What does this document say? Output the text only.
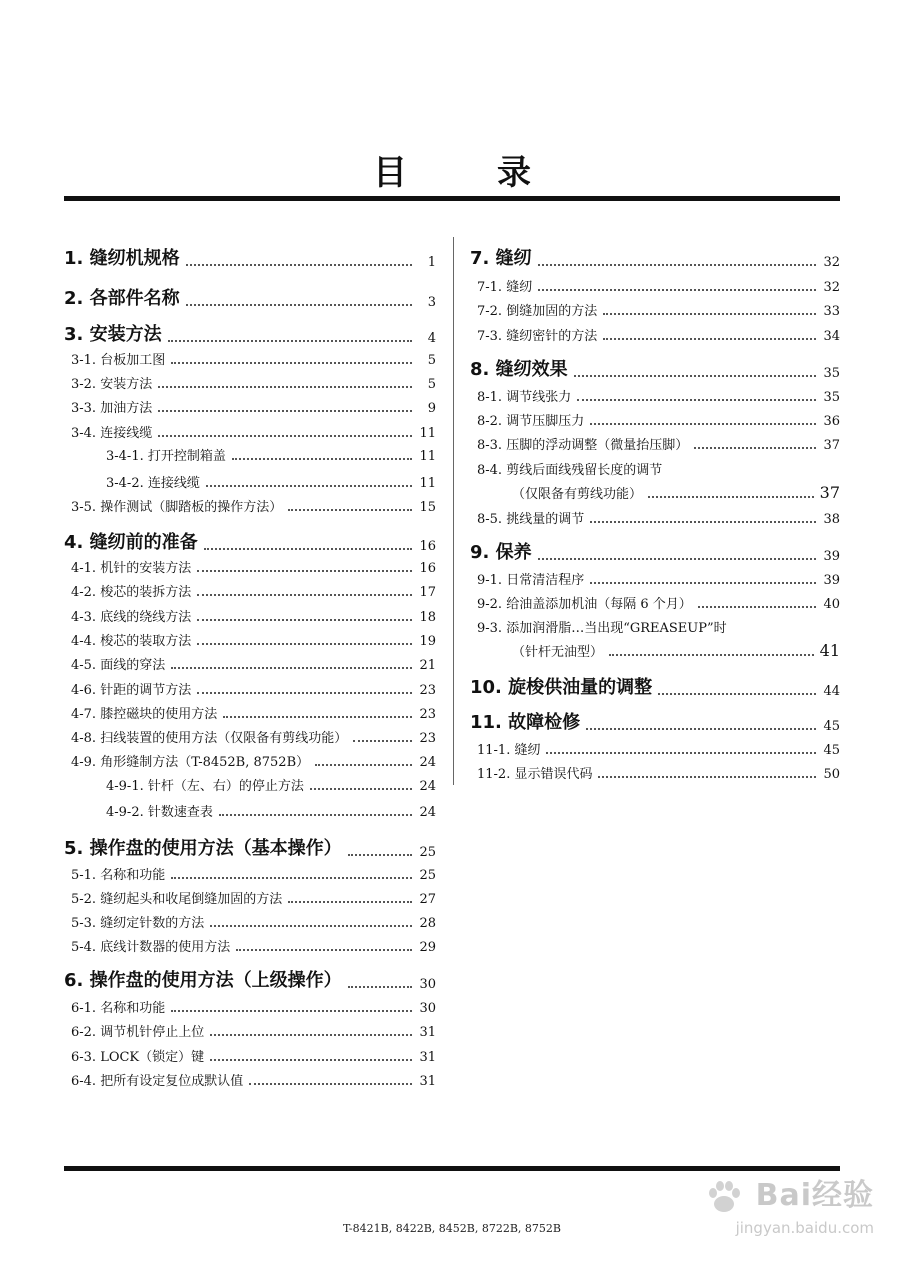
目	录
1. 缝纫机规格	1
2. 各部件名称	3
3. 安装方法	4
3-1. 台板加工图	5
3-2. 安装方法	5
3-3. 加油方法	9
3-4. 连接线缆	11
3-4-1. 打开控制箱盖	11
3-4-2. 连接线缆	11
3-5. 操作测试（脚踏板的操作方法）	15
4. 缝纫前的准备	16
4-1. 机针的安装方法	16
4-2. 梭芯的装拆方法	17
4-3. 底线的绕线方法	18
4-4. 梭芯的装取方法	19
4-5. 面线的穿法	21
4-6. 针距的调节方法	23
4-7. 膝控磁块的使用方法	23
4-8. 扫线装置的使用方法（仅限备有剪线功能）	23
4-9. 角形缝制方法（T-8452B, 8752B）	24
4-9-1. 针杆（左、右）的停止方法	24
4-9-2. 针数速查表	24
5. 操作盘的使用方法（基本操作）	25
5-1. 名称和功能	25
5-2. 缝纫起头和收尾倒缝加固的方法	27
5-3. 缝纫定针数的方法	28
5-4. 底线计数器的使用方法	29
6. 操作盘的使用方法（上级操作）	30
6-1. 名称和功能	30
6-2. 调节机针停止上位	31
6-3. LOCK（锁定）键	31
6-4. 把所有设定复位成默认值	31
7. 缝纫	32
7-1. 缝纫	32
7-2. 倒缝加固的方法	33
7-3. 缝纫密针的方法	34
8. 缝纫效果	35
8-1. 调节线张力	35
8-2. 调节压脚压力	36
8-3. 压脚的浮动调整（微量抬压脚）	37
8-4. 剪线后面线残留长度的调节
（仅限备有剪线功能）	37
8-5. 挑线量的调节	38
9. 保养	39
9-1. 日常清洁程序	39
9-2. 给油盖添加机油（每隔 6 个月）	40
9-3. 添加润滑脂…当出现“GREASEUP”时
（针杆无油型）	41
10. 旋梭供油量的调整	44
11. 故障检修	45
11-1. 缝纫	45
11-2. 显示错误代码	50
Bai经验
jingyan.baidu.com
T-8421B, 8422B, 8452B, 8722B, 8752B
